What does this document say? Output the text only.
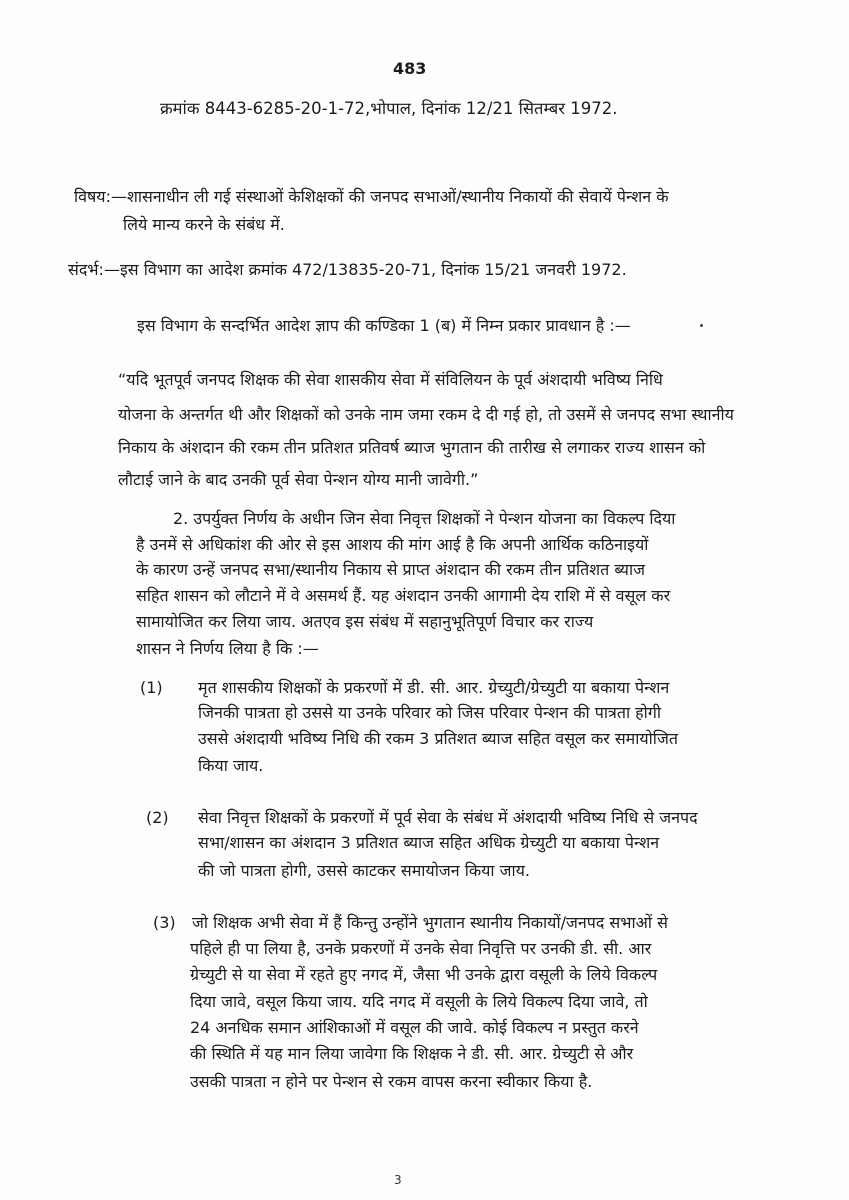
483
क्रमांक 8443-6285-20-1-72,भोपाल, दिनांक 12/21 सितम्बर 1972.
विषय:—शासनाधीन ली गई संस्थाओं केशिक्षकों की जनपद सभाओं/स्थानीय निकायों की सेवायें पेन्शन के
लिये मान्य करने के संबंध में.
संदर्भ:—इस विभाग का आदेश क्रमांक 472/13835-20-71, दिनांक 15/21 जनवरी 1972.
इस विभाग के सन्दर्भित आदेश ज्ञाप की कण्डिका 1 (ब) में निम्न प्रकार प्रावधान है :—
“यदि भूतपूर्व जनपद शिक्षक की सेवा शासकीय सेवा में संविलियन के पूर्व अंशदायी भविष्य निधि
योजना के अन्तर्गत थी और शिक्षकों को उनके नाम जमा रकम दे दी गई हो, तो उसमें से जनपद सभा स्थानीय
निकाय के अंशदान की रकम तीन प्रतिशत प्रतिवर्ष ब्याज भुगतान की तारीख से लगाकर राज्य शासन को
लौटाई जाने के बाद उनकी पूर्व सेवा पेन्शन योग्य मानी जावेगी.”
2. उपर्युक्त निर्णय के अधीन जिन सेवा निवृत्त शिक्षकों ने पेन्शन योजना का विकल्प दिया
है उनमें से अधिकांश की ओर से इस आशय की मांग आई है कि अपनी आर्थिक कठिनाइयों
के कारण उन्हें जनपद सभा/स्थानीय निकाय से प्राप्त अंशदान की रकम तीन प्रतिशत ब्याज
सहित शासन को लौटाने में वे असमर्थ हैं. यह अंशदान उनकी आगामी देय राशि में से वसूल कर
सामायोजित कर लिया जाय. अतएव इस संबंध में सहानुभूतिपूर्ण विचार कर राज्य
शासन ने निर्णय लिया है कि :—
(1) मृत शासकीय शिक्षकों के प्रकरणों में डी. सी. आर. ग्रेच्युटी/ग्रेच्युटी या बकाया पेन्शन
जिनकी पात्रता हो उससे या उनके परिवार को जिस परिवार पेन्शन की पात्रता होगी
उससे अंशदायी भविष्य निधि की रकम 3 प्रतिशत ब्याज सहित वसूल कर समायोजित
किया जाय.
(2) सेवा निवृत्त शिक्षकों के प्रकरणों में पूर्व सेवा के संबंध में अंशदायी भविष्य निधि से जनपद
सभा/शासन का अंशदान 3 प्रतिशत ब्याज सहित अधिक ग्रेच्युटी या बकाया पेन्शन
की जो पात्रता होगी, उससे काटकर समायोजन किया जाय.
(3) जो शिक्षक अभी सेवा में हैं किन्तु उन्होंने भुगतान स्थानीय निकायों/जनपद सभाओं से
पहिले ही पा लिया है, उनके प्रकरणों में उनके सेवा निवृत्ति पर उनकी डी. सी. आर
ग्रेच्युटी से या सेवा में रहते हुए नगद में, जैसा भी उनके द्वारा वसूली के लिये विकल्प
दिया जावे, वसूल किया जाय. यदि नगद में वसूली के लिये विकल्प दिया जावे, तो
24 अनधिक समान आंशिकाओं में वसूल की जावे. कोई विकल्प न प्रस्तुत करने
की स्थिति में यह मान लिया जावेगा कि शिक्षक ने डी. सी. आर. ग्रेच्युटी से और
उसकी पात्रता न होने पर पेन्शन से रकम वापस करना स्वीकार किया है.
3
